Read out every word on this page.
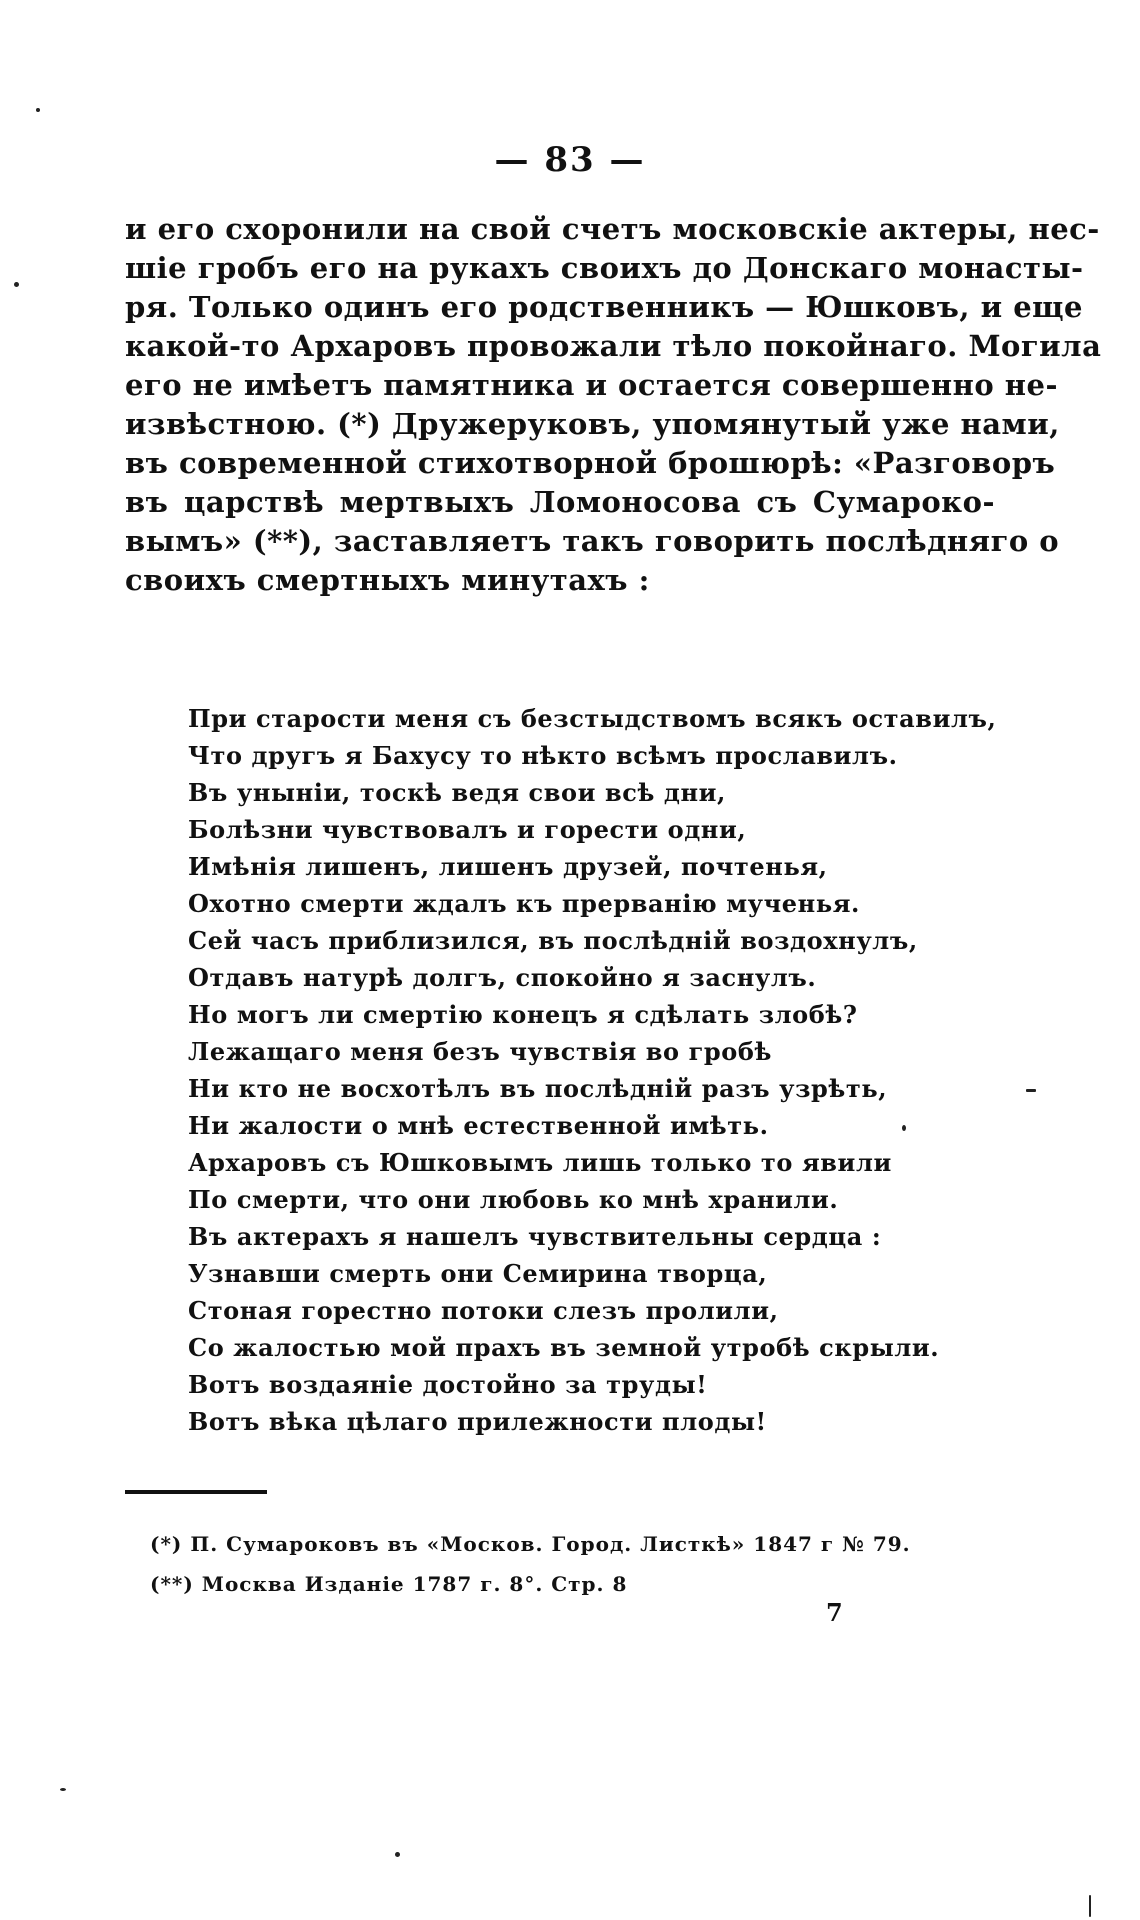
— 83 —
и его схоронили на свой счетъ московскіе актеры, нес-
шіе гробъ его на рукахъ своихъ до Донскаго монасты-
ря. Только одинъ его родственникъ — Юшковъ, и еще
какой-то Архаровъ провожали тѣло покойнаго. Могила
его не имѣетъ памятника и остается совершенно не-
извѣстною. (*) Дружеруковъ, упомянутый уже нами,
въ современной стихотворной брошюрѣ: «Разговоръ
въ царствѣ мертвыхъ Ломоносова съ Сумароко-
вымъ» (**), заставляетъ такъ говорить послѣдняго о
своихъ смертныхъ минутахъ :
При старости меня съ безстыдствомъ всякъ оставилъ,
Что другъ я Бахусу то нѣкто всѣмъ прославилъ.
Въ уныніи, тоскѣ ведя свои всѣ дни,
Болѣзни чувствовалъ и горести одни,
Имѣнія лишенъ, лишенъ друзей, почтенья,
Охотно смерти ждалъ къ прерванію мученья.
Сей часъ приблизился, въ послѣдній воздохнулъ,
Отдавъ натурѣ долгъ, спокойно я заснулъ.
Но могъ ли смертію конецъ я сдѣлать злобѣ?
Лежащаго меня безъ чувствія во гробѣ
Ни кто не восхотѣлъ въ послѣдній разъ узрѣть,
Ни жалости о мнѣ естественной имѣть.
Архаровъ съ Юшковымъ лишь только то явили
По смерти, что они любовь ко мнѣ хранили.
Въ актерахъ я нашелъ чувствительны сердца :
Узнавши смерть они Семирина творца,
Стоная горестно потоки слезъ пролили,
Со жалостью мой прахъ въ земной утробѣ скрыли.
Вотъ воздаяніе достойно за труды!
Вотъ вѣка цѣлаго прилежности плоды!
(*) П. Сумароковъ въ «Москов. Город. Листкѣ» 1847 г № 79.
(**) Москва Изданіе 1787 г. 8°. Стр. 8
7
